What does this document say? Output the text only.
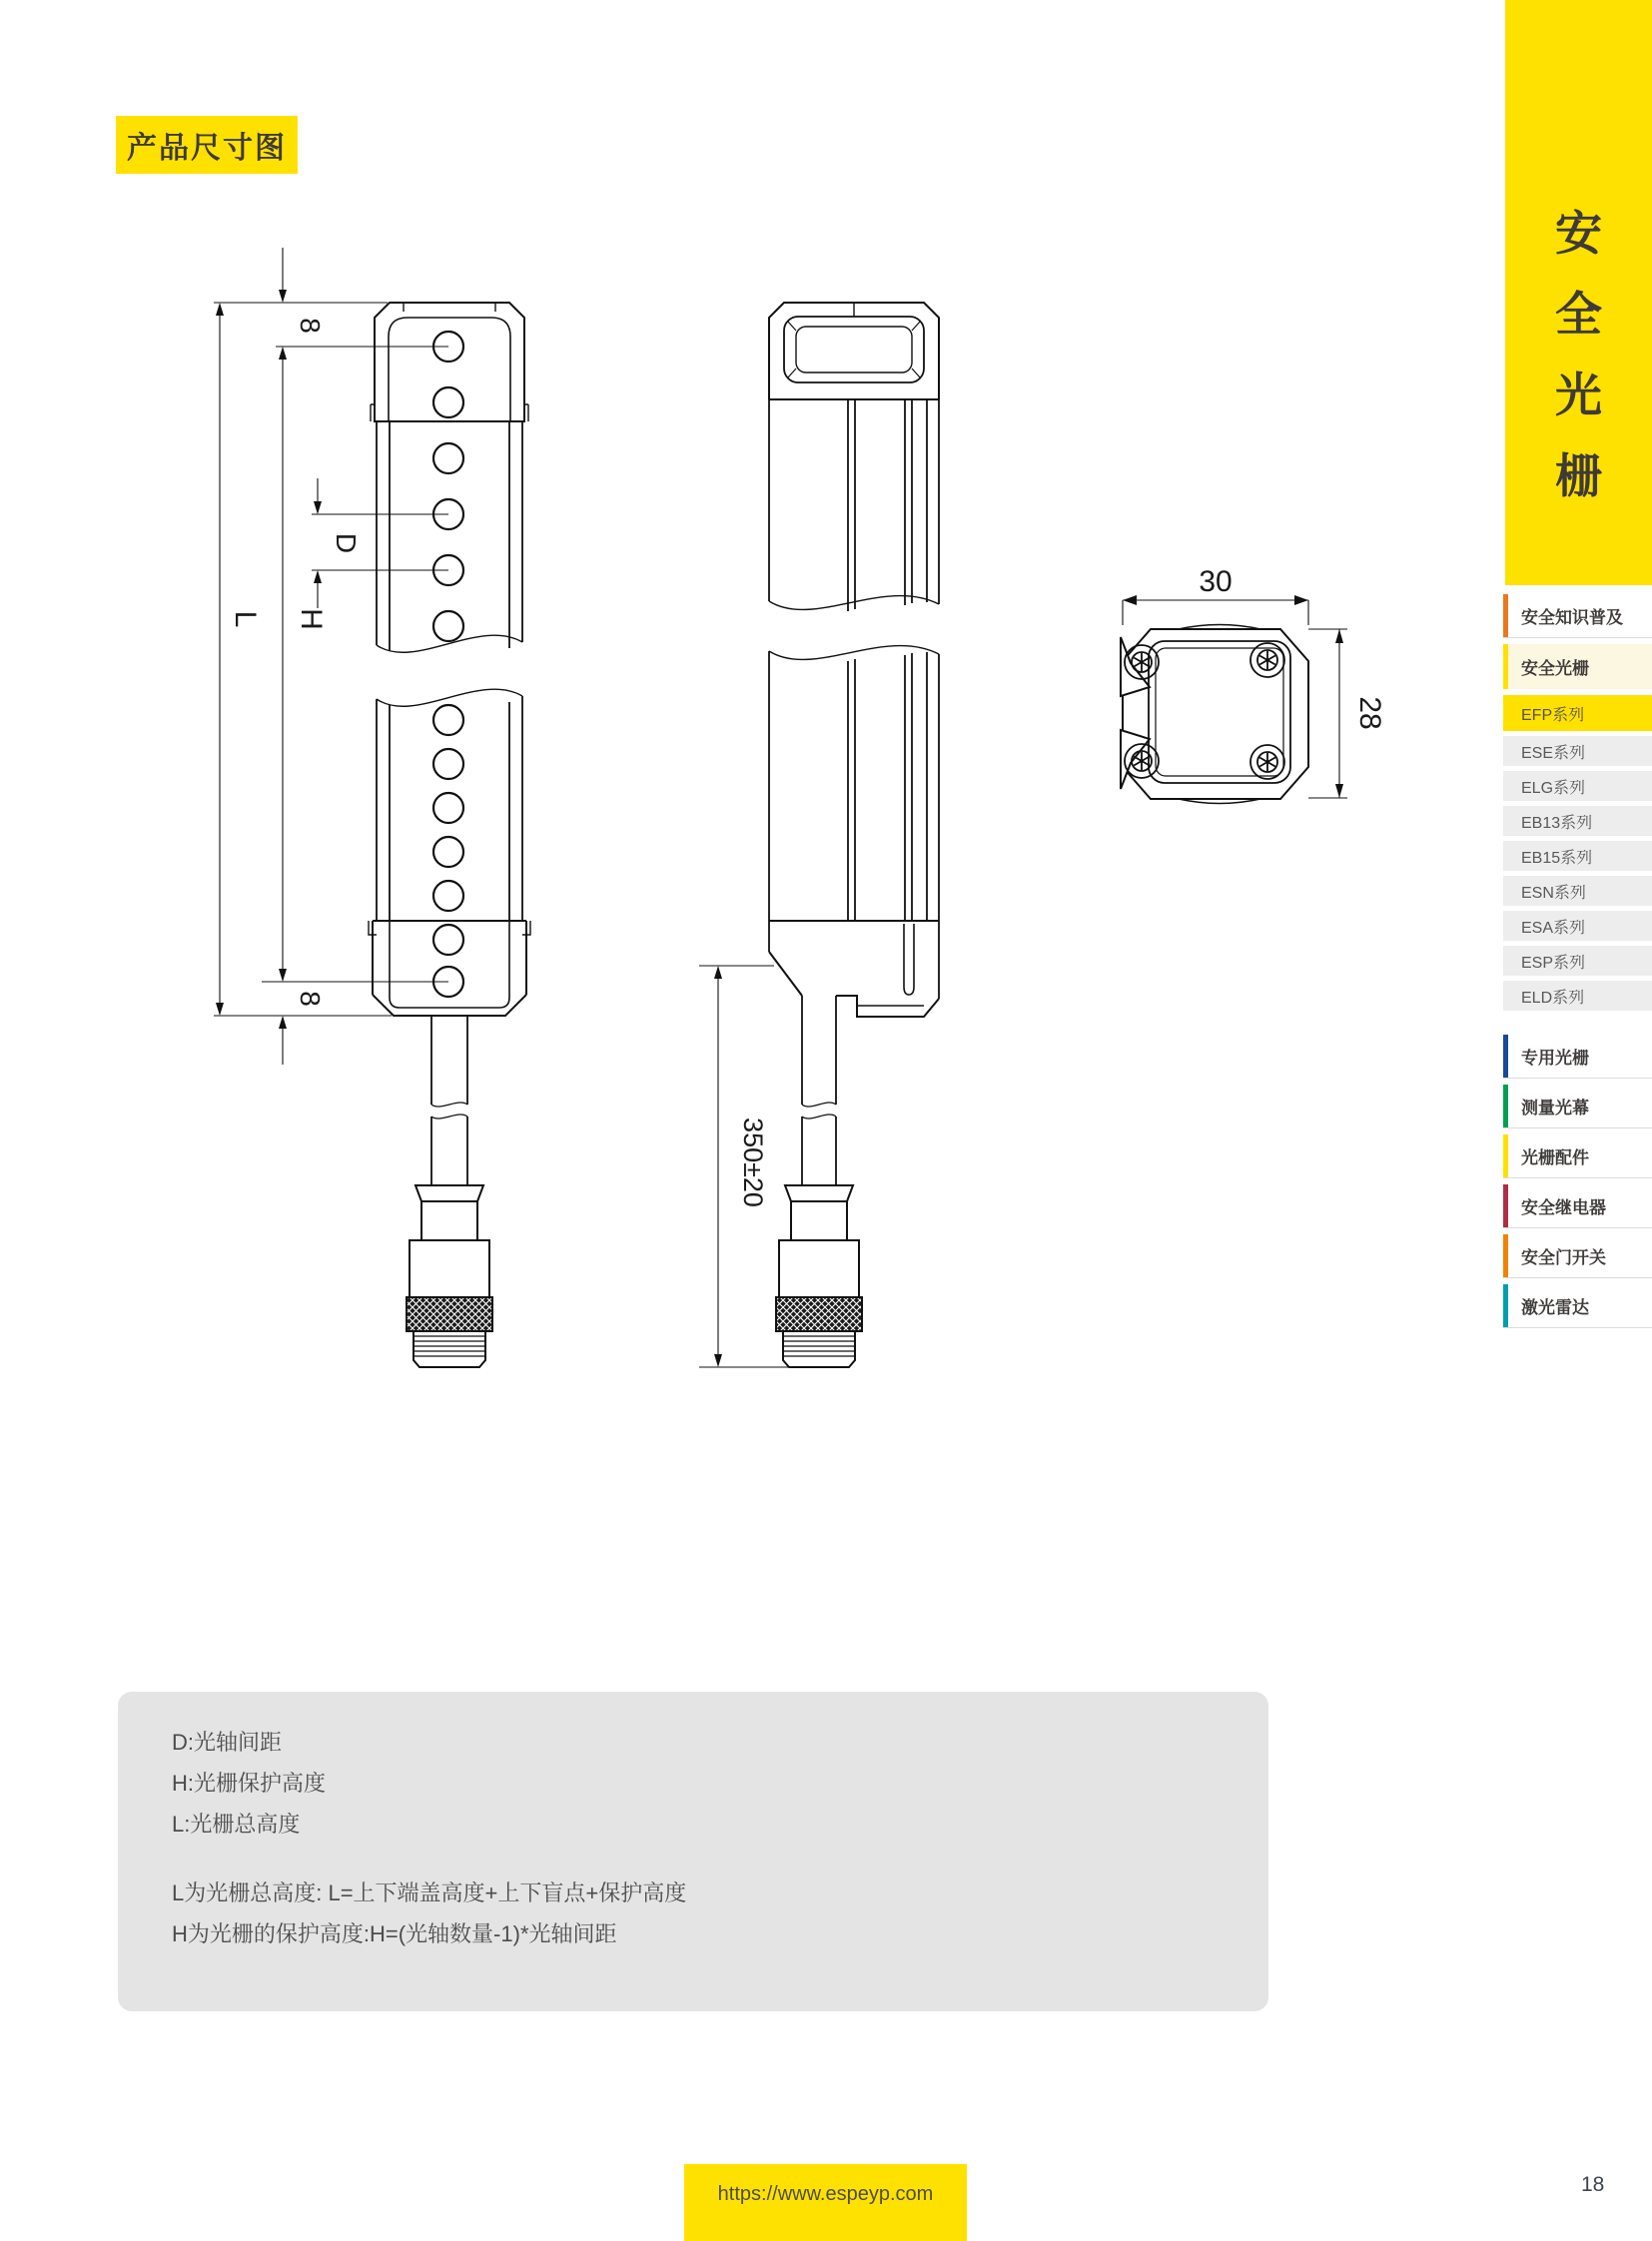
8
D
L H
8
350±20
30
28
产品尺寸图
安
全
光
栅
安全知识普及
安全光栅
EFP系列
ESE系列
ELG系列
EB13系列
EB15系列
ESN系列
ESA系列
ESP系列
ELD系列
专用光栅
测量光幕
光栅配件
安全继电器
安全门开关
激光雷达

D:光轴间距

H:光栅保护高度

L:光栅总高度

L为光栅总高度: L=上下端盖高度+上下盲点+保护高度

H为光栅的保护高度:H=(光轴数量-1)*光轴间距

https://www.espeyp.com	18
